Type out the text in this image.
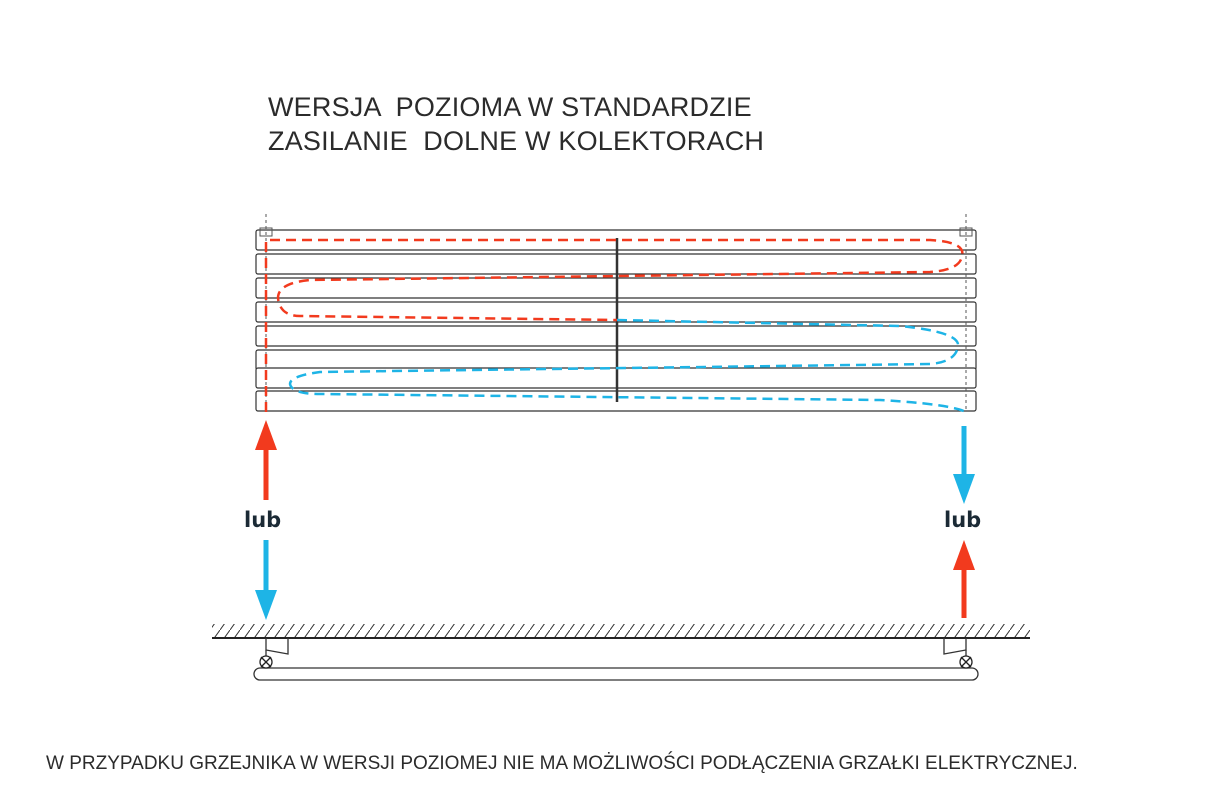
WERSJA  POZIOMA W STANDARDZIE
ZASILANIE  DOLNE W KOLEKTORACH
lub	lub
W PRZYPADKU GRZEJNIKA W WERSJI POZIOMEJ NIE MA MOŻLIWOŚCI PODŁĄCZENIA GRZAŁKI ELEKTRYCZNEJ.
